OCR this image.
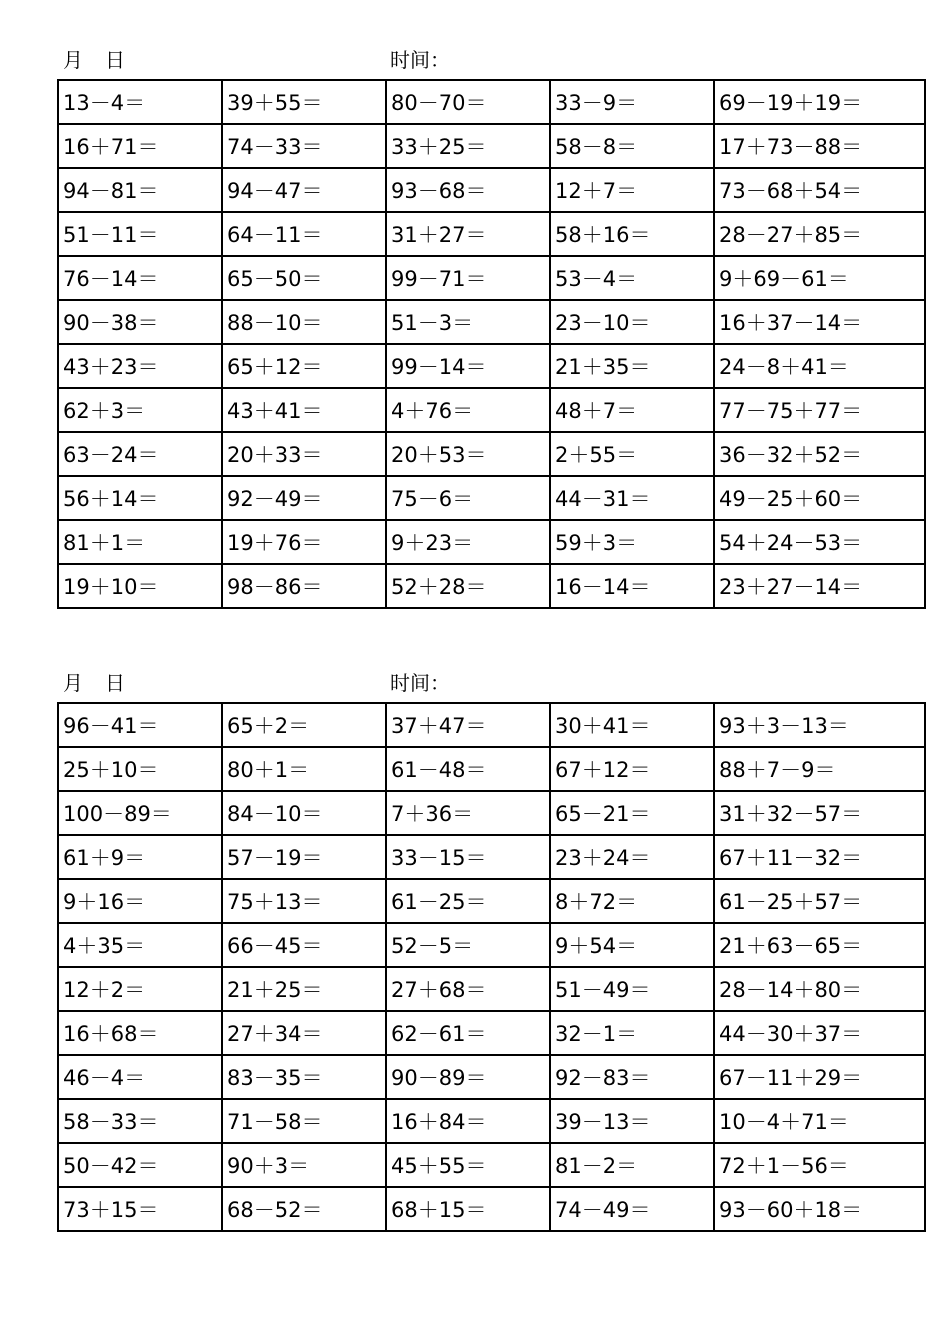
月 日	时间：
13－4＝	39＋55＝	80－70＝	33－9＝	69－19＋19＝
16＋71＝	74－33＝	33＋25＝	58－8＝	17＋73－88＝
94－81＝	94－47＝	93－68＝	12＋7＝	73－68＋54＝
51－11＝	64－11＝	31＋27＝	58＋16＝	28－27＋85＝
76－14＝	65－50＝	99－71＝	53－4＝	9＋69－61＝
90－38＝	88－10＝	51－3＝	23－10＝	16＋37－14＝
43＋23＝	65＋12＝	99－14＝	21＋35＝	24－8＋41＝
62＋3＝	43＋41＝	4＋76＝	48＋7＝	77－75＋77＝
63－24＝	20＋33＝	20＋53＝	2＋55＝	36－32＋52＝
56＋14＝	92－49＝	75－6＝	44－31＝	49－25＋60＝
81＋1＝	19＋76＝	9＋23＝	59＋3＝	54＋24－53＝
19＋10＝	98－86＝	52＋28＝	16－14＝	23＋27－14＝
月 日	时间：
96－41＝	65＋2＝	37＋47＝	30＋41＝	93＋3－13＝
25＋10＝	80＋1＝	61－48＝	67＋12＝	88＋7－9＝
100－89＝	84－10＝	7＋36＝	65－21＝	31＋32－57＝
61＋9＝	57－19＝	33－15＝	23＋24＝	67＋11－32＝
9＋16＝	75＋13＝	61－25＝	8＋72＝	61－25＋57＝
4＋35＝	66－45＝	52－5＝	9＋54＝	21＋63－65＝
12＋2＝	21＋25＝	27＋68＝	51－49＝	28－14＋80＝
16＋68＝	27＋34＝	62－61＝	32－1＝	44－30＋37＝
46－4＝	83－35＝	90－89＝	92－83＝	67－11＋29＝
58－33＝	71－58＝	16＋84＝	39－13＝	10－4＋71＝
50－42＝	90＋3＝	45＋55＝	81－2＝	72＋1－56＝
73＋15＝	68－52＝	68＋15＝	74－49＝	93－60＋18＝
